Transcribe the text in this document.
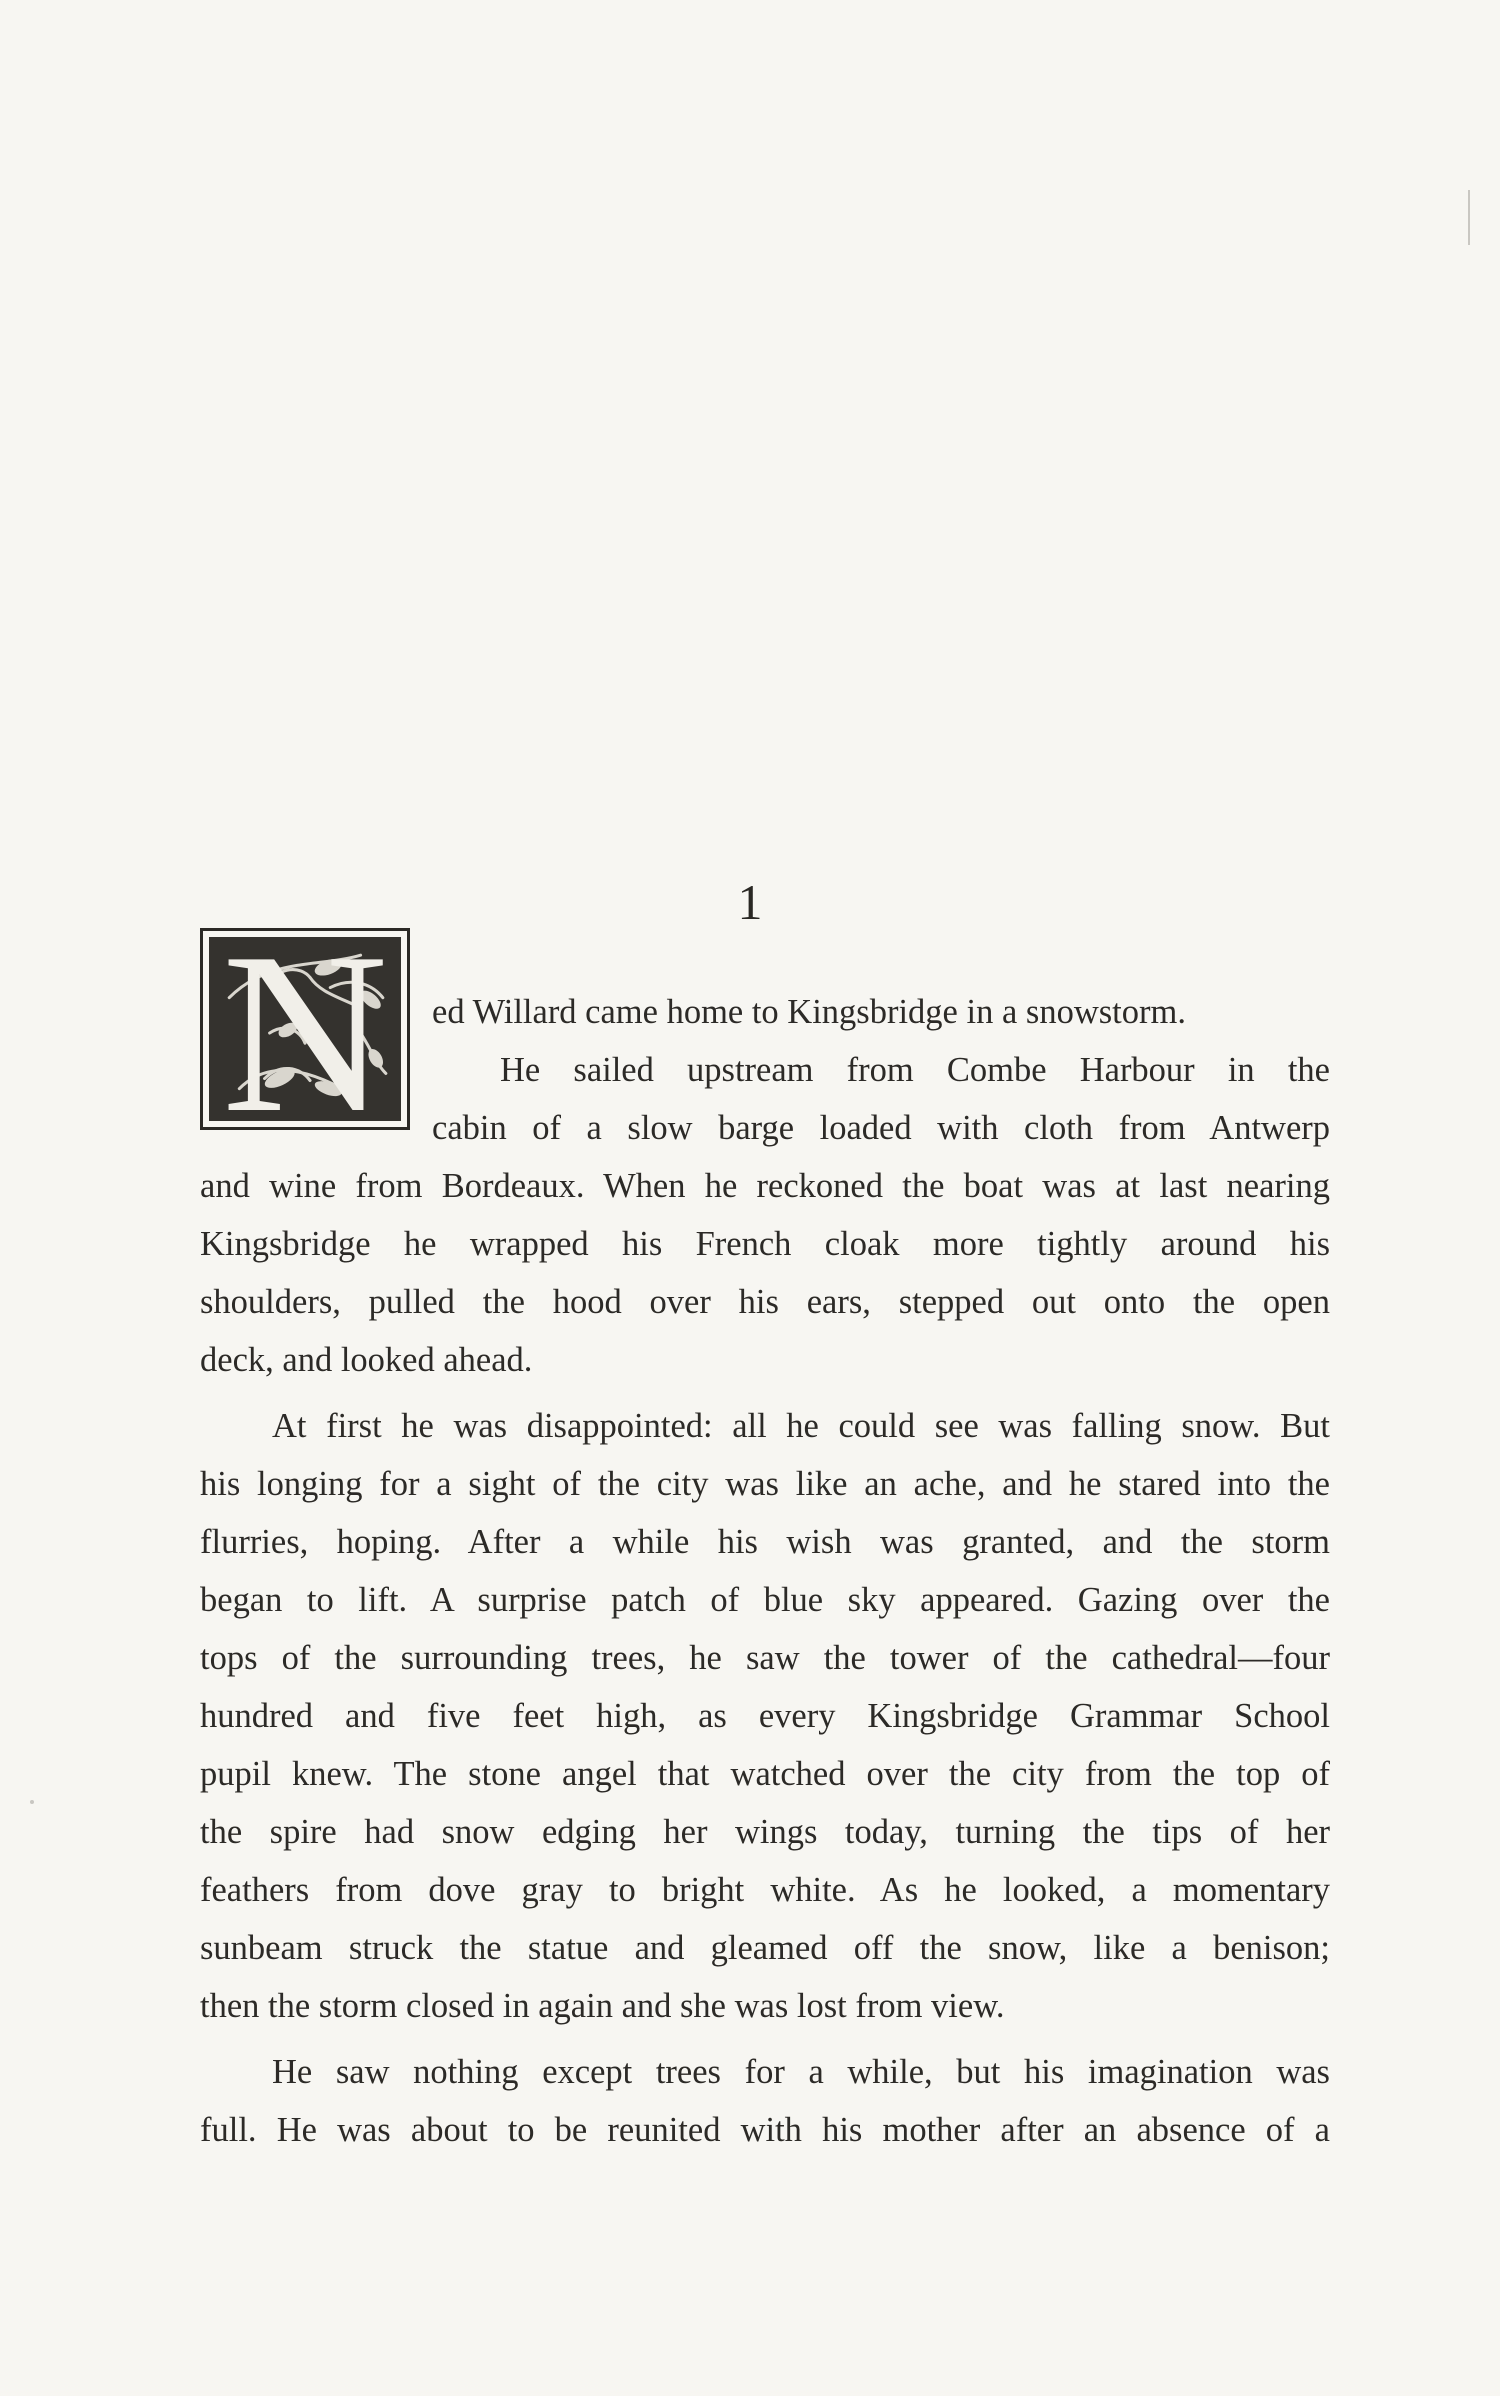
1
N	ed Willard came home to Kingsbridge in a snowstorm.
He sailed upstream from Combe Harbour in the
cabin of a slow barge loaded with cloth from Antwerp
and wine from Bordeaux. When he reckoned the boat was at last nearing
Kingsbridge he wrapped his French cloak more tightly around his
shoulders, pulled the hood over his ears, stepped out onto the open
deck, and looked ahead.
At first he was disappointed: all he could see was falling snow. But
his longing for a sight of the city was like an ache, and he stared into the
flurries, hoping. After a while his wish was granted, and the storm
began to lift. A surprise patch of blue sky appeared. Gazing over the
tops of the surrounding trees, he saw the tower of the cathedral—four
hundred and five feet high, as every Kingsbridge Grammar School
pupil knew. The stone angel that watched over the city from the top of
the spire had snow edging her wings today, turning the tips of her
feathers from dove gray to bright white. As he looked, a momentary
sunbeam struck the statue and gleamed off the snow, like a benison;
then the storm closed in again and she was lost from view.
He saw nothing except trees for a while, but his imagination was
full. He was about to be reunited with his mother after an absence of a
